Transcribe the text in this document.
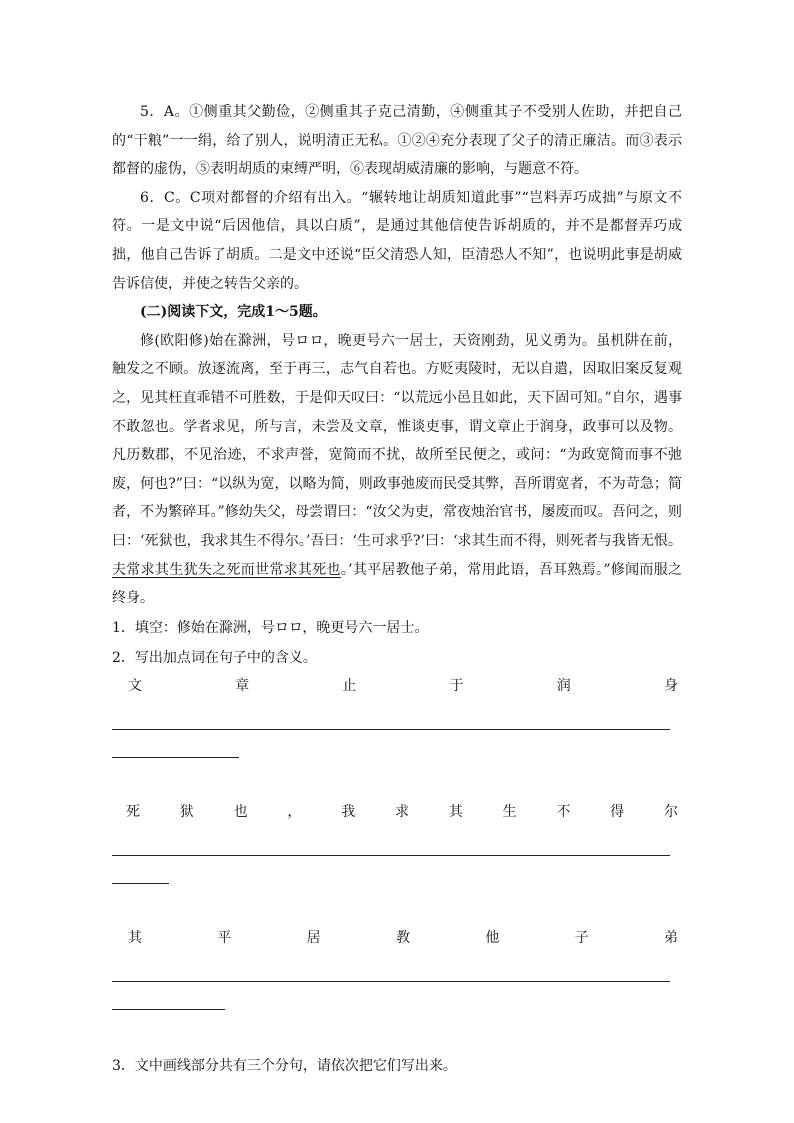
5．A。①侧重其父勤俭，②侧重其子克己清勤，④侧重其子不受别人佐助，并把自己的“干粮”一一绢，给了别人，说明清正无私。①②④充分表现了父子的清正廉洁。而③表示都督的虚伪，⑤表明胡质的束缚严明，⑥表现胡威清廉的影响，与题意不符。

6．C。C项对都督的介绍有出入。“辗转地让胡质知道此事”“岂料弄巧成拙”与原文不符。一是文中说“后因他信，具以白质”，是通过其他信使告诉胡质的，并不是都督弄巧成拙，他自己告诉了胡质。二是文中还说“臣父清恐人知，臣清恐人不知”，也说明此事是胡威告诉信使，并使之转告父亲的。

(二)阅读下文，完成1～5题。

修(欧阳修)始在滁洲，号ロロ，晚更号六一居士，天资刚劲，见义勇为。虽机阱在前，触发之不顾。放逐流离，至于再三，志气自若也。方贬夷陵时，无以自遣，因取旧案反复观之，见其枉直乖错不可胜数，于是仰天叹曰：“以荒远小邑且如此，天下固可知。”自尔，遇事不敢忽也。学者求见，所与言，未尝及文章，惟谈吏事，谓文章止于润身，政事可以及物。凡历数郡，不见治迹，不求声誉，宽简而不扰，故所至民便之，或问：“为政宽简而事不弛废，何也?”曰：“以纵为宽，以略为简，则政事弛废而民受其弊，吾所谓宽者，不为苛急；简者，不为繁碎耳。”修幼失父，母尝谓曰：“汝父为吏，常夜烛治官书，屡废而叹。吾问之，则曰：‘死狱也，我求其生不得尔。’吾曰：‘生可求乎?’曰：‘求其生而不得，则死者与我皆无恨。夫常求其生犹失之死而世常求其死也。’其平居教他子弟，常用此语，吾耳熟焉。”修闻而服之终身。

1．填空：修始在滁洲，号ロロ，晚更号六一居士。

2．写出加点词在句子中的含义。

文	章	止	于	润	身
死	狱	也	，	我	求	其	生	不	得	尔
其	平	居	教	他	子	弟

3．文中画线部分共有三个分句，请依次把它们写出来。
